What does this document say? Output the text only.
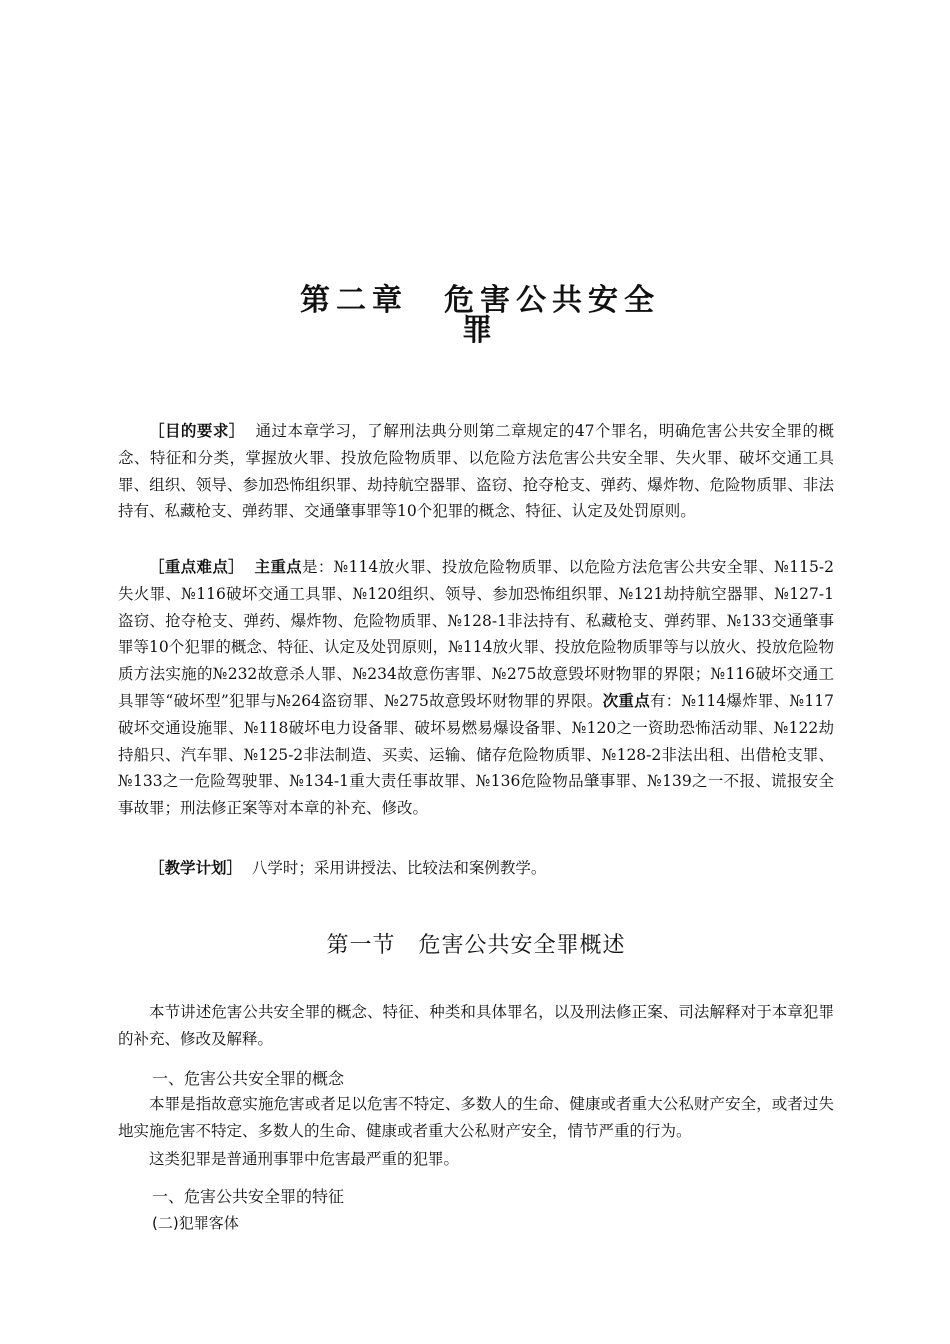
第二章　危害公共安全罪

［目的要求］ 通过本章学习，了解刑法典分则第二章规定的47个罪名，明确危害公共安全罪的概念、特征和分类，掌握放火罪、投放危险物质罪、以危险方法危害公共安全罪、失火罪、破坏交通工具罪、组织、领导、参加恐怖组织罪、劫持航空器罪、盗窃、抢夺枪支、弹药、爆炸物、危险物质罪、非法持有、私藏枪支、弹药罪、交通肇事罪等10个犯罪的概念、特征、认定及处罚原则。

［重点难点］ 主重点是：№114放火罪、投放危险物质罪、以危险方法危害公共安全罪、№115-2失火罪、№116破坏交通工具罪、№120组织、领导、参加恐怖组织罪、№121劫持航空器罪、№127-1盗窃、抢夺枪支、弹药、爆炸物、危险物质罪、№128-1非法持有、私藏枪支、弹药罪、№133交通肇事罪等10个犯罪的概念、特征、认定及处罚原则，№114放火罪、投放危险物质罪等与以放火、投放危险物质方法实施的№232故意杀人罪、№234故意伤害罪、№275故意毁坏财物罪的界限；№116破坏交通工具罪等“破坏型”犯罪与№264盗窃罪、№275故意毁坏财物罪的界限。次重点有：№114爆炸罪、№117破坏交通设施罪、№118破坏电力设备罪、破坏易燃易爆设备罪、№120之一资助恐怖活动罪、№122劫持船只、汽车罪、№125-2非法制造、买卖、运输、储存危险物质罪、№128-2非法出租、出借枪支罪、№133之一危险驾驶罪、№134-1重大责任事故罪、№136危险物品肇事罪、№139之一不报、谎报安全事故罪；刑法修正案等对本章的补充、修改。

［教学计划］ 八学时；采用讲授法、比较法和案例教学。

第一节　危害公共安全罪概述

本节讲述危害公共安全罪的概念、特征、种类和具体罪名，以及刑法修正案、司法解释对于本章犯罪的补充、修改及解释。

一、危害公共安全罪的概念

本罪是指故意实施危害或者足以危害不特定、多数人的生命、健康或者重大公私财产安全，或者过失地实施危害不特定、多数人的生命、健康或者重大公私财产安全，情节严重的行为。

这类犯罪是普通刑事罪中危害最严重的犯罪。

一、危害公共安全罪的特征
(二)犯罪客体
